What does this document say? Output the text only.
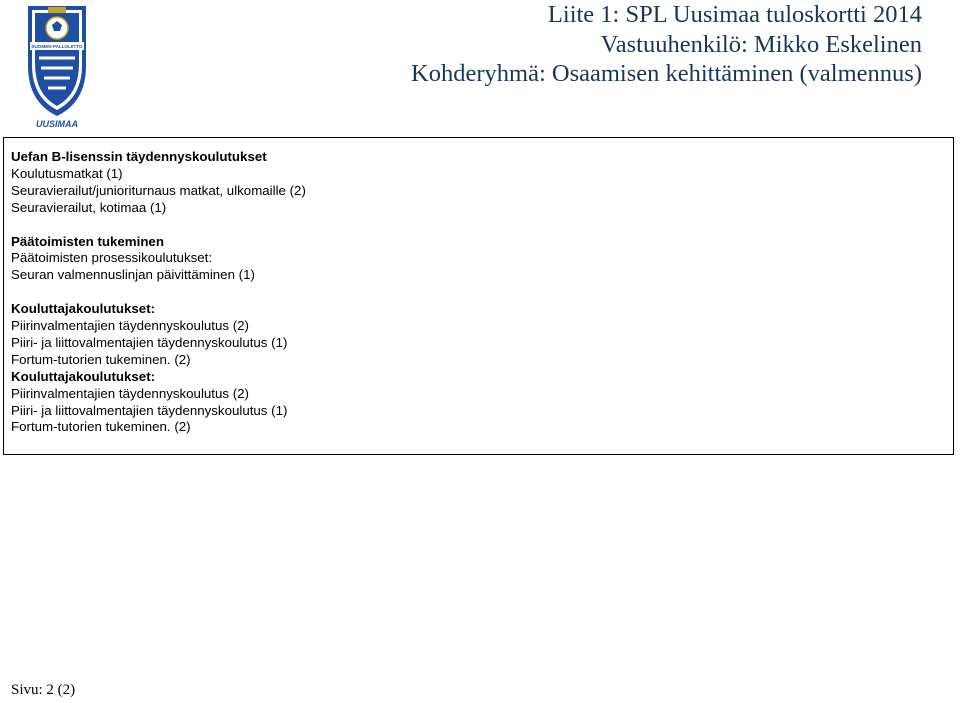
SUOMEN PALLOLIITTO
UUSIMAA
Liite 1: SPL Uusimaa tuloskortti 2014
Vastuuhenkilö: Mikko Eskelinen
Kohderyhmä: Osaamisen kehittäminen (valmennus)
Uefan B-lisenssin täydennyskoulutukset
Koulutusmatkat (1)
Seuravierailut/junioriturnaus matkat, ulkomaille (2)
Seuravierailut, kotimaa (1)
Päätoimisten tukeminen
Päätoimisten prosessikoulutukset:
Seuran valmennuslinjan päivittäminen (1)
Kouluttajakoulutukset:
Piirinvalmentajien täydennyskoulutus (2)
Piiri- ja liittovalmentajien täydennyskoulutus (1)
Fortum-tutorien tukeminen. (2)
Kouluttajakoulutukset:
Piirinvalmentajien täydennyskoulutus (2)
Piiri- ja liittovalmentajien täydennyskoulutus (1)
Fortum-tutorien tukeminen. (2)
Sivu: 2 (2)
